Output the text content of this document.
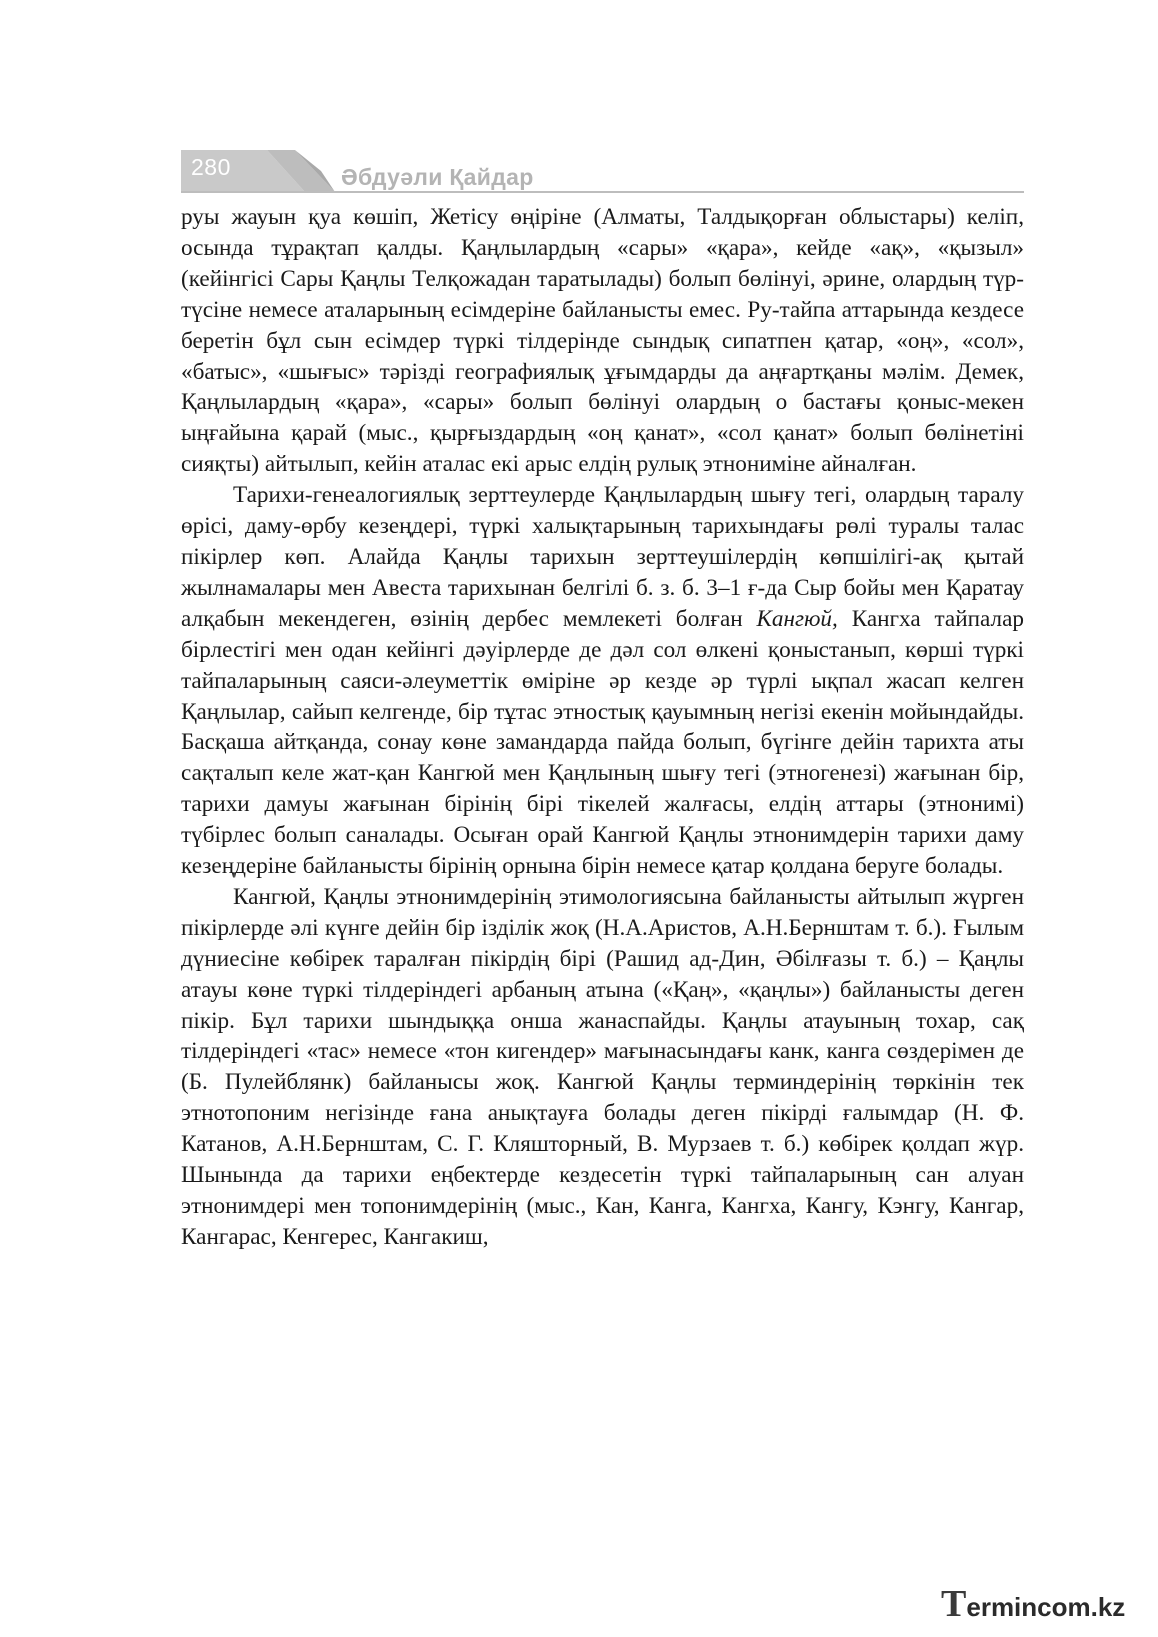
280	Әбдуәли Қайдар

руы жауын қуа көшіп, Жетісу өңіріне (Алматы, Талдықорған облыстары) келіп, осында тұрақтап қалды. Қаңлылардың «сары» «қара», кейде «ақ», «қызыл» (кейінгісі Сары Қаңлы Телқожадан таратылады) болып бөлінуі, әрине, олардың түр-түсіне немесе аталарының есімдеріне байланысты емес. Ру-тайпа аттарында кездесе беретін бұл сын есімдер түркі тілдерінде сындық сипатпен қатар, «оң», «сол», «батыс», «шығыс» тәрізді географиялық ұғымдарды да аңғартқаны мәлім. Демек, Қаңлылардың «қара», «сары» болып бөлінуі олардың о бастағы қоныс-мекен ыңғайына қарай (мыс., қырғыздардың «оң қанат», «сол қанат» болып бөлінетіні сияқты) айтылып, кейін аталас екі арыс елдің рулық этнониміне айналған.

Тарихи-генеалогиялық зерттеулерде Қаңлылардың шығу тегі, олардың таралу өрісі, даму-өрбу кезеңдері, түркі халықтарының тарихындағы рөлі туралы талас пікірлер көп. Алайда Қаңлы тарихын зерттеушілердің көпшілігі-ақ қытай жылнамалары мен Авеста тарихынан белгілі б. з. б. 3–1 ғ-да Сыр бойы мен Қаратау алқабын мекендеген, өзінің дербес мемлекеті болған Кангюй, Кангха тайпалар бірлестігі мен одан кейінгі дәуірлерде де дәл сол өлкені қоныстанып, көрші түркі тайпаларының саяси-әлеуметтік өміріне әр кезде әр түрлі ықпал жасап келген Қаңлылар, сайып келгенде, бір тұтас этностық қауымның негізі екенін мойындайды. Басқаша айтқанда, сонау көне замандарда пайда болып, бүгінге дейін тарихта аты сақталып келе жат-қан Кангюй мен Қаңлының шығу тегі (этногенезі) жағынан бір, тарихи дамуы жағынан бірінің бірі тікелей жалғасы, елдің аттары (этнонимі) түбірлес болып саналады. Осыған орай Кангюй Қаңлы этнонимдерін тарихи даму кезеңдеріне байланысты бірінің орнына бірін немесе қатар қолдана беруге болады.

Кангюй, Қаңлы этнонимдерінің этимологиясына байланысты айтылып жүрген пікірлерде әлі күнге дейін бір ізділік жоқ (Н.А.Аристов, А.Н.Бернштам т. б.). Ғылым дүниесіне көбірек таралған пікірдің бірі (Рашид ад-Дин, Әбілғазы т. б.) – Қаңлы атауы көне түркі тілдеріндегі арбаның атына («Қаң», «қаңлы») байланысты деген пікір. Бұл тарихи шындыққа онша жанаспайды. Қаңлы атауының тохар, сақ тілдеріндегі «тас» немесе «тон кигендер» мағынасындағы канк, канга сөздерімен де (Б. Пулейблянк) байланысы жоқ. Кангюй Қаңлы терминдерінің төркінін тек этнотопоним негізінде ғана анықтауға болады деген пікірді ғалымдар (Н. Ф. Катанов, А.Н.Бернштам, С. Г. Кляшторный, В. Мурзаев т. б.) көбірек қолдап жүр. Шынында да тарихи еңбектерде кездесетін түркі тайпаларының сан алуан этнонимдері мен топонимдерінің (мыс., Кан, Канга, Кангха, Кангу, Кэнгу, Кангар, Кангарас, Кенгерес, Кангакиш,

Termincom.kz
